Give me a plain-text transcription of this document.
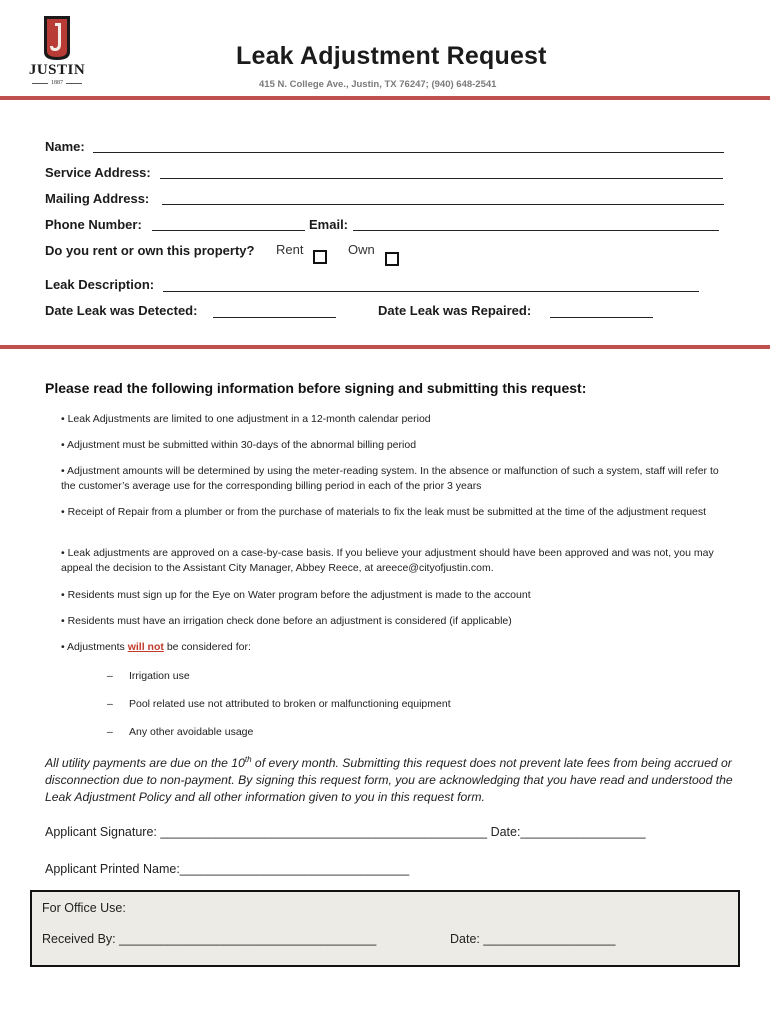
JUSTIN
1887
Leak Adjustment Request
415 N. College Ave., Justin, TX 76247; (940) 648-2541
Name:
Service Address:
Mailing Address:
Phone Number:	Email:
Do you rent or own this property? Rent	Own
Leak Description:
Date Leak was Detected:	Date Leak was Repaired:
Please read the following information before signing and submitting this request:
• Leak Adjustments are limited to one adjustment in a 12-month calendar period
• Adjustment must be submitted within 30-days of the abnormal billing period
• Adjustment amounts will be determined by using the meter-reading system. In the absence or malfunction of such a system, staff will refer to the customer’s average use for the corresponding billing period in each of the prior 3 years
• Receipt of Repair from a plumber or from the purchase of materials to fix the leak must be submitted at the time of the adjustment request
• Leak adjustments are approved on a case-by-case basis. If you believe your adjustment should have been approved and was not, you may appeal the decision to the Assistant City Manager, Abbey Reece, at areece@cityofjustin.com.
• Residents must sign up for the Eye on Water program before the adjustment is made to the account
• Residents must have an irrigation check done before an adjustment is considered (if applicable)
• Adjustments will not be considered for:
– Irrigation use
– Pool related use not attributed to broken or malfunctioning equipment
– Any other avoidable usage
All utility payments are due on the 10th of every month. Submitting this request does not prevent late fees from being accrued or disconnection due to non-payment. By signing this request form, you are acknowledging that you have read and understood the Leak Adjustment Policy and all other information given to you in this request form.
Applicant Signature: _______________________________________________ Date:__________________
Applicant Printed Name:_________________________________
For Office Use:
Received By: _____________________________________	Date: ___________________
